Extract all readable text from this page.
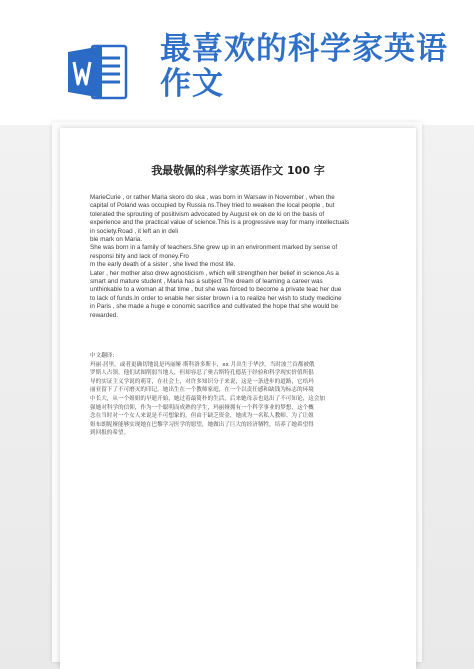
最喜欢的科学家英语作文
我最敬佩的科学家英语作文 100 字

MarieCurie , or rather Maria skoro do ska , was born in Warsaw in November , when the

capital of Poland was occupied by Russia ns.They tried to weaken the local people , but

tolerated the sprouting of positivism advocated by August ek on de ki on the basis of

experience and the practical value of science.This is a progressive way for many intellectuals

in society.Road , it left an in deli

ble mark on Maria.

She was born in a family of teachers.She grew up in an environment marked by sense of

responsi bity and lack of money.Fro

m the early death of a sister , she lived the most life.

Later , her mother also drew agnosticism , which will strengthen her belief in science.As a

smart and mature student , Maria has a subject The dream of learning a career was

unthinkable to a woman at that time , but she was forced to become a private teac her due

to lack of funds.In order to enable her sister brown i a to realize her wish to study medicine

in Paris , she made a huge e conomic sacrifice and cultivated the hope that she would be

rewarded.

中文翻译:

玛丽·居里，或者更确切地说是玛丽娅·斯科洛多斯卡，xx 月出生于华沙，当时波兰首都被俄

罗斯人占领。他们试图削弱当地人，但却容忍了奥古斯特孔德基于经验和科学现实价值所倡

导的实证主义学说的萌芽，在社会上，对许多知识分子来说，这是一条进步的道路，它给玛

丽亚留下了不可磨灭的印记。她出生在一个教师家庭，在一个以责任感和缺钱为标志的环境

中长大，从一个姐姐的早逝开始，她过着最简朴的生活，后来她母亲也退出了不可知论，这会加

强她对科学的信仰，作为一个聪明而成熟的学生，玛丽娅拥有一个科学事业的梦想，这个概

念在当时对一个女人来说是不可想象的，但由于缺乏资金，她成为一名私人教师。为了让姐

姐布朗妮娅能够实现她在巴黎学习医学的愿望，她做出了巨大的经济牺牲，培养了她希望得

到回报的希望。
